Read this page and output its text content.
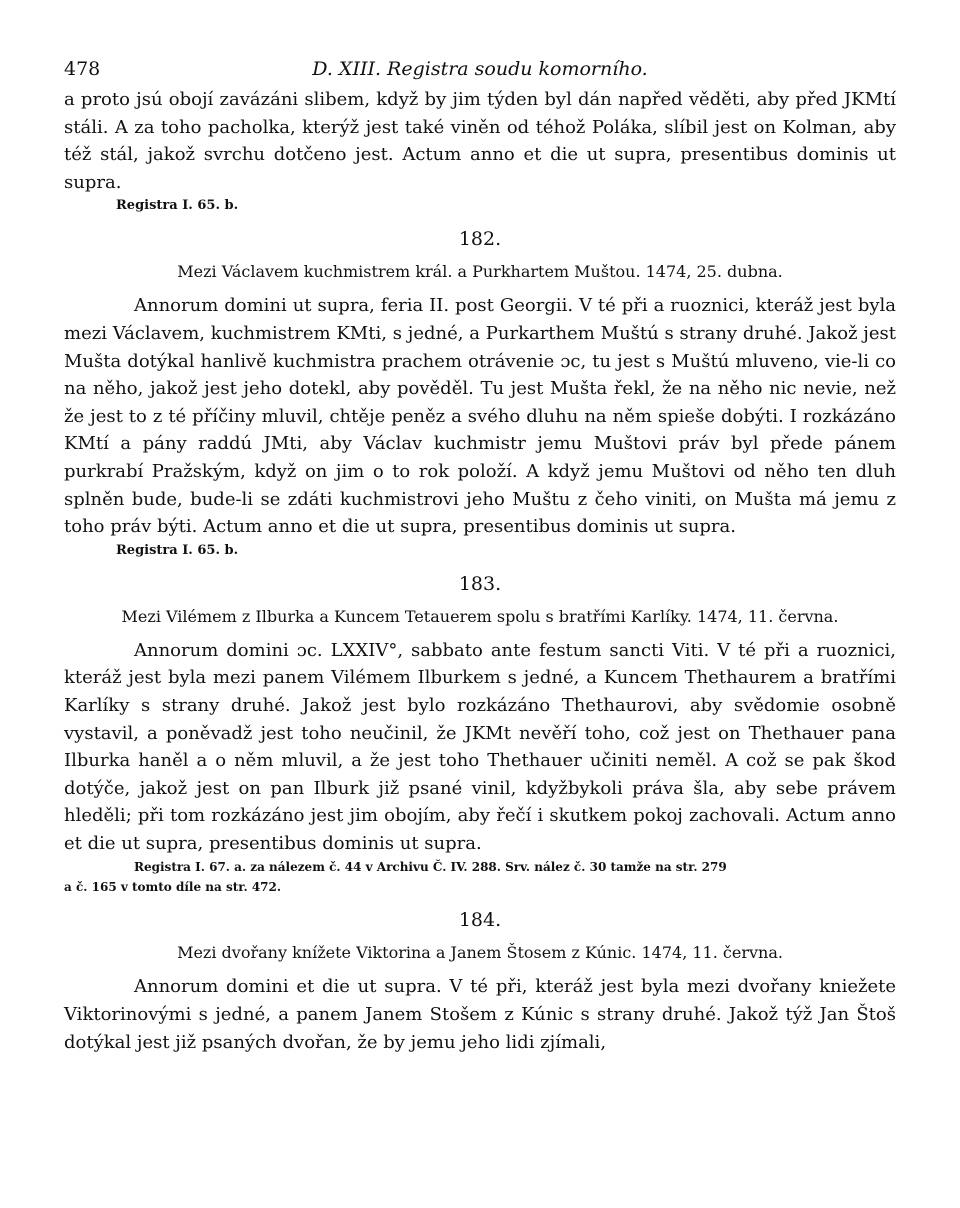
478	D. XIII. Registra soudu komorního.

a proto jsú obojí zavázáni slibem, když by jim týden byl dán napřed věděti, aby před JKMtí stáli. A za toho pacholka, kterýž jest také viněn od téhož Poláka, slíbil jest on Kolman, aby též stál, jakož svrchu dotčeno jest. Actum anno et die ut supra, presentibus dominis ut supra.

Registra I. 65. b.
182.
Mezi Václavem kuchmistrem král. a Purkhartem Muštou. 1474, 25. dubna.

Annorum domini ut supra, feria II. post Georgii. V té při a ruoznici, kteráž jest byla mezi Václavem, kuchmistrem KMti, s jedné, a Purkarthem Muštú s strany druhé. Jakož jest Mušta dotýkal hanlivě kuchmistra prachem otrávenie ɔc, tu jest s Muštú mluveno, vie-li co na něho, jakož jest jeho dotekl, aby pověděl. Tu jest Mušta řekl, že na něho nic nevie, než že jest to z té příčiny mluvil, chtěje peněz a svého dluhu na něm spieše dobýti. I rozkázáno KMtí a pány raddú JMti, aby Václav kuchmistr jemu Muštovi práv byl přede pánem purkrabí Pražským, když on jim o to rok položí. A když jemu Muštovi od něho ten dluh splněn bude, bude-li se zdáti kuchmistrovi jeho Muštu z čeho viniti, on Mušta má jemu z toho práv býti. Actum anno et die ut supra, presentibus dominis ut supra.

Registra I. 65. b.
183.
Mezi Vilémem z Ilburka a Kuncem Tetauerem spolu s bratřími Karlíky. 1474, 11. června.

Annorum domini ɔc. LXXIV°, sabbato ante festum sancti Viti. V té při a ruoznici, kteráž jest byla mezi panem Vilémem Ilburkem s jedné, a Kuncem Thethaurem a bratřími Karlíky s strany druhé. Jakož jest bylo rozkázáno Thethaurovi, aby svědomie osobně vystavil, a poněvadž jest toho neučinil, že JKMt nevěří toho, což jest on Thethauer pana Ilburka haněl a o něm mluvil, a že jest toho Thethauer učiniti neměl. A což se pak škod dotýče, jakož jest on pan Ilburk již psané vinil, kdyžbykoli práva šla, aby sebe právem hleděli; při tom rozkázáno jest jim obojím, aby řečí i skutkem pokoj zachovali. Actum anno et die ut supra, presentibus dominis ut supra.

Registra I. 67. a. za nálezem č. 44 v Archivu Č. IV. 288. Srv. nález č. 30 tamže na str. 279
a č. 165 v tomto díle na str. 472.
184.
Mezi dvořany knížete Viktorina a Janem Štosem z Kúnic. 1474, 11. června.

Annorum domini et die ut supra. V té při, kteráž jest byla mezi dvořany kniežete Viktorinovými s jedné, a panem Janem Stošem z Kúnic s strany druhé. Jakož týž Jan Štoš dotýkal jest již psaných dvořan, že by jemu jeho lidi zjímali,
